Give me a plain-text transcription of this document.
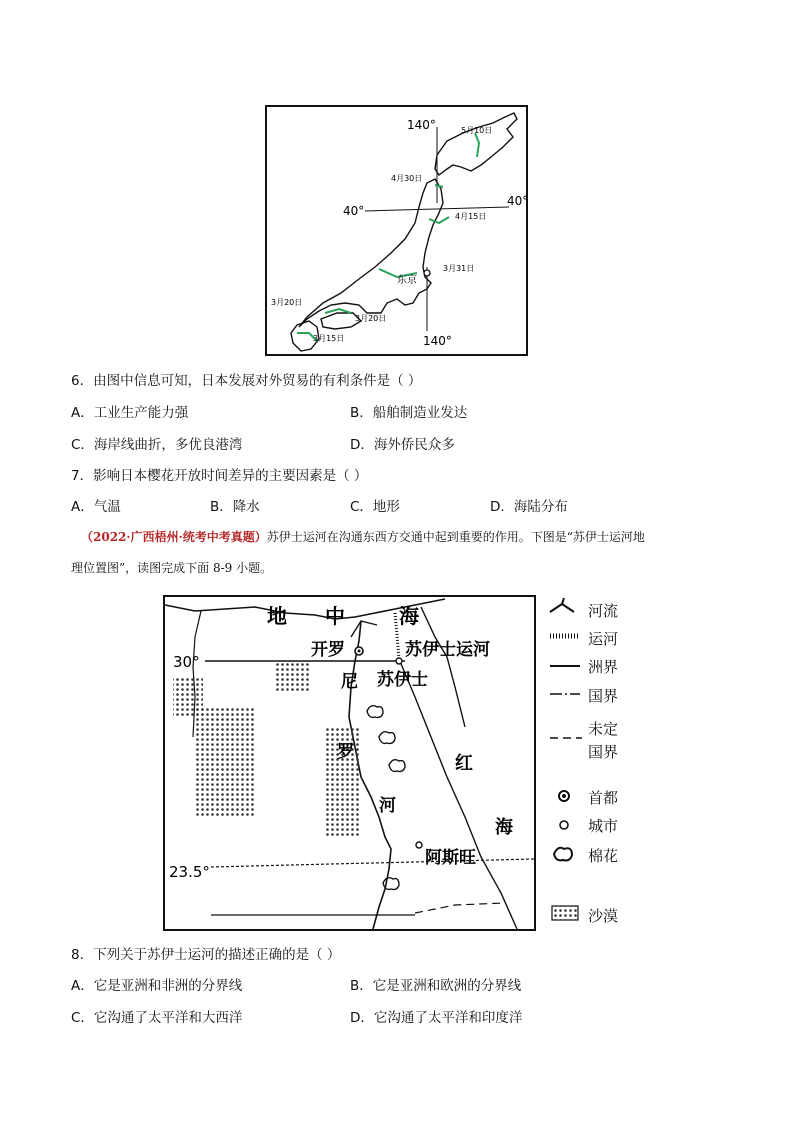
140°
140°
40°
40°
5月10日
4月30日
4月15日
3月31日
3月20日
3月20日
3月15日
东京
6．由图中信息可知，日本发展对外贸易的有利条件是（ ）
A．工业生产能力强	B．船舶制造业发达
C．海岸线曲折，多优良港湾	D．海外侨民众多
7．影响日本樱花开放时间差异的主要因素是（ ）
A．气温	B．降水	C．地形	D．海陆分布
（2022·广西梧州·统考中考真题）苏伊士运河在沟通东西方交通中起到重要的作用。下图是“苏伊士运河地
理位置图”，读图完成下面 8-9 小题。
地 中	海
开罗	苏伊士运河
苏伊士
30°
23.5°
尼
罗
河
红
海
阿斯旺
河流
运河
洲界
国界
未定
国界
首都
城市
棉花
沙漠
8．下列关于苏伊士运河的描述正确的是（ ）
A．它是亚洲和非洲的分界线	B．它是亚洲和欧洲的分界线
C．它沟通了太平洋和大西洋	D．它沟通了太平洋和印度洋
